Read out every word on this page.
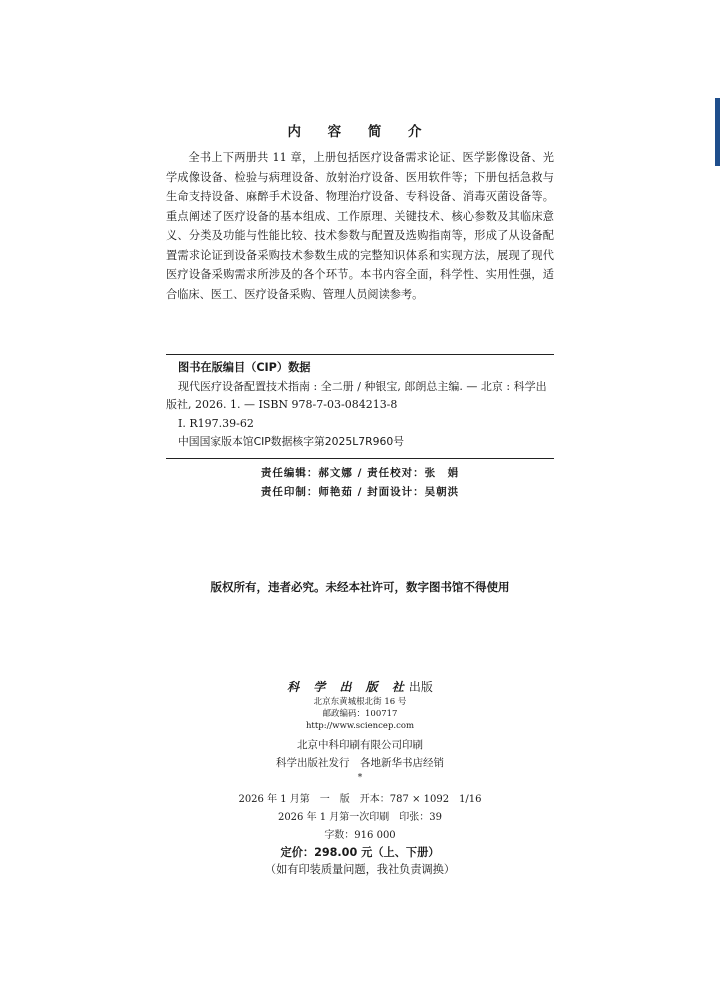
内 容 简 介

全书上下两册共 11 章，上册包括医疗设备需求论证、医学影像设备、光学成像设备、检验与病理设备、放射治疗设备、医用软件等；下册包括急救与生命支持设备、麻醉手术设备、物理治疗设备、专科设备、消毒灭菌设备等。重点阐述了医疗设备的基本组成、工作原理、关键技术、核心参数及其临床意义、分类及功能与性能比较、技术参数与配置及选购指南等，形成了从设备配置需求论证到设备采购技术参数生成的完整知识体系和实现方法，展现了现代医疗设备采购需求所涉及的各个环节。本书内容全面，科学性、实用性强，适合临床、医工、医疗设备采购、管理人员阅读参考。

图书在版编目（CIP）数据
现代医疗设备配置技术指南 : 全二册 / 种银宝, 郎朗总主编. — 北京 : 科学出版社, 2026. 1. — ISBN 978-7-03-084213-8
Ⅰ. R197.39-62
中国国家版本馆CIP数据核字第2025L7R960号
责任编辑：郝文娜 / 责任校对：张　娟
责任印制：师艳茹 / 封面设计：吴朝洪
版权所有，违者必究。未经本社许可，数字图书馆不得使用
科 学 出 版 社出版
北京东黄城根北街 16 号
邮政编码：100717
http://www.sciencep.com
北京中科印刷有限公司印刷
科学出版社发行　各地新华书店经销
*
2026 年 1 月第　一　版　开本：787 × 1092　1/16
2026 年 1 月第一次印刷　印张：39
字数：916 000
定价：298.00 元（上、下册）
（如有印装质量问题，我社负责调换）
